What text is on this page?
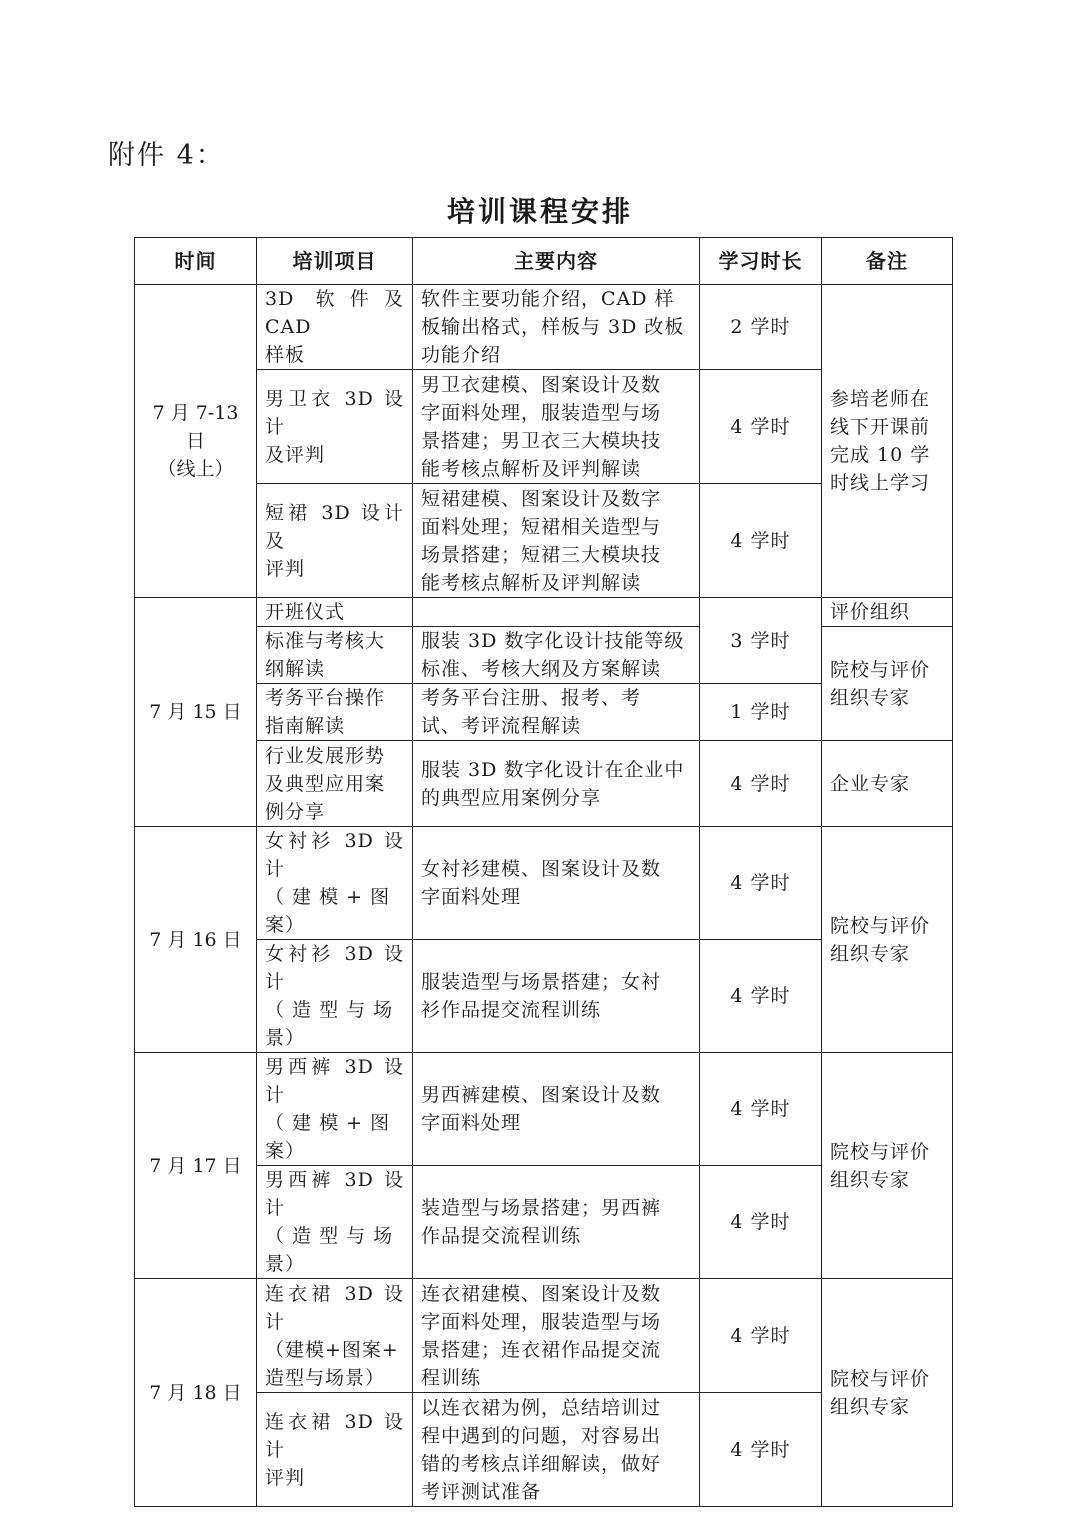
附件 4：
培训课程安排
时间	培训项目	主要内容	学习时长	备注

7 月 7-13
日
（线上）	3D 软件及 CAD
样板	软件主要功能介绍，CAD 样
板输出格式，样板与 3D 改板
功能介绍	2 学时	参培老师在
线下开课前
完成 10 学
时线上学习

	男卫衣 3D 设计
及评判	男卫衣建模、图案设计及数
字面料处理，服装造型与场
景搭建；男卫衣三大模块技
能考核点解析及评判解读	4 学时	

	短裙 3D 设计及
评判	短裙建模、图案设计及数字
面料处理；短裙相关造型与
场景搭建；短裙三大模块技
能考核点解析及评判解读	4 学时	
7 月 15 日	开班仪式		3 学时	评价组织

	标准与考核大
纲解读	服装 3D 数字化设计技能等级
标准、考核大纲及方案解读		院校与评价
组织专家

	考务平台操作
指南解读	考务平台注册、报考、考
试、考评流程解读	1 学时	

	行业发展形势
及典型应用案
例分享	服装 3D 数字化设计在企业中
的典型应用案例分享	4 学时	企业专家

7 月 16 日	女衬衫 3D 设计
（ 建 模 + 图
案）	女衬衫建模、图案设计及数
字面料处理	4 学时	院校与评价
组织专家

	女衬衫 3D 设计
（ 造 型 与 场
景）	服装造型与场景搭建；女衬
衫作品提交流程训练	4 学时	
7 月 17 日	男西裤 3D 设计
（ 建 模 + 图
案）	男西裤建模、图案设计及数
字面料处理	4 学时	院校与评价
组织专家

	男西裤 3D 设计
（ 造 型 与 场
景）	装造型与场景搭建；男西裤
作品提交流程训练	4 学时	
7 月 18 日	连衣裙 3D 设计
（建模+图案+
造型与场景）	连衣裙建模、图案设计及数
字面料处理，服装造型与场
景搭建；连衣裙作品提交流
程训练	4 学时	院校与评价
组织专家

	连衣裙 3D 设计
评判	以连衣裙为例，总结培训过
程中遇到的问题，对容易出
错的考核点详细解读，做好
考评测试准备	4 学时	
